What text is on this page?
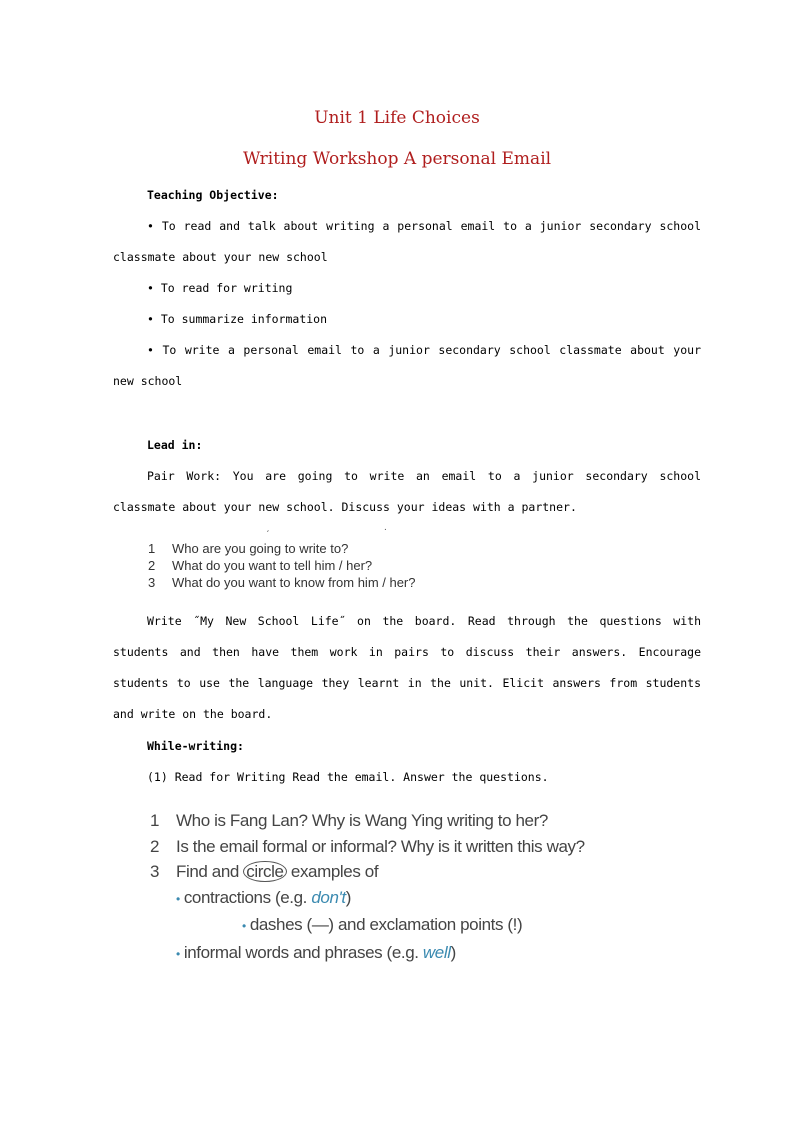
Unit 1 Life Choices
Writing Workshop A personal Email
Teaching Objective:
• To read and talk about writing a personal email to a junior secondary school classmate about your new school
• To read for writing
• To summarize information
• To write a personal email to a junior secondary school classmate about your new school
Lead in:
Pair Work: You are going to write an email to a junior secondary school classmate about your new school. Discuss your ideas with a partner.
ˏ	.
1 Who are you going to write to?
2 What do you want to tell him / her?
3 What do you want to know from him / her?
Write ˝My New School Life˝ on the board. Read through the questions with students and then have them work in pairs to discuss their answers. Encourage students to use the language they learnt in the unit. Elicit answers from students and write on the board.
While-writing:
(1) Read for Writing Read the email. Answer the questions.
1 Who is Fang Lan? Why is Wang Ying writing to her?
2 Is the email formal or informal? Why is it written this way?
3 Find and circle examples of
• contractions (e.g. don't) • dashes (—) and exclamation points (!)
• informal words and phrases (e.g. well)
